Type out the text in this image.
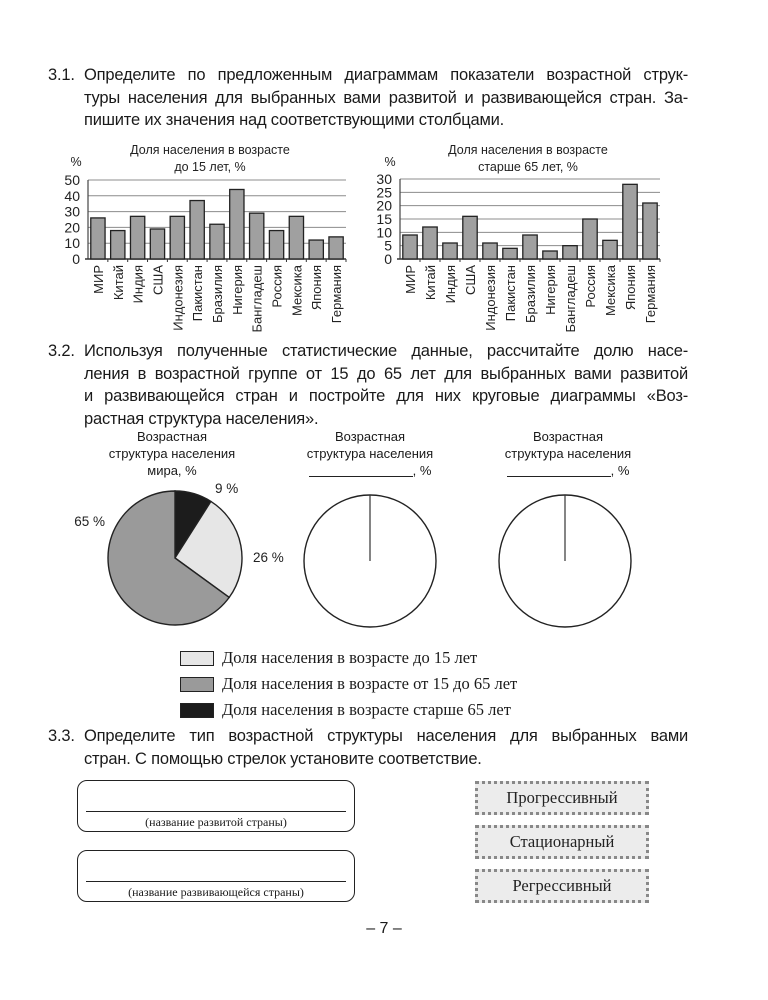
3.1. Определите по предложенным диаграммам показатели возрастной струк-
туры населения для выбранных вами развитой и развивающейся стран. За-
пишите их значения над соответствующими столбцами.
Доля населения в возрасте
до 15 лет, %
%
0
10
20
30
40
50
МИР Китай Индия США Индонезия Пакистан Бразилия Нигерия Бангладеш Россия Мексика Япония Германия
Доля населения в возрасте
старше 65 лет, %
%
0
5
10
15
20
25
30
МИР Китай Индия США Индонезия Пакистан Бразилия Нигерия Бангладеш Россия Мексика Япония Германия
3.2. Используя полученные статистические данные, рассчитайте долю насе-
ления в возрастной группе от 15 до 65 лет для выбранных вами развитой
и развивающейся стран и постройте для них круговые диаграммы «Воз-
растная структура населения».
Возрастная
структура населения
мира, %
Возрастная
структура населения
, %
Возрастная
структура населения
, %
9 %
26 %
65 %
Доля населения в возрасте до 15 лет
Доля населения в возрасте от 15 до 65 лет
Доля населения в возрасте старше 65 лет
3.3. Определите тип возрастной структуры населения для выбранных вами
стран. С помощью стрелок установите соответствие.
(название развитой страны)
(название развивающейся страны)
Прогрессивный
Стационарный
Регрессивный
– 7 –
